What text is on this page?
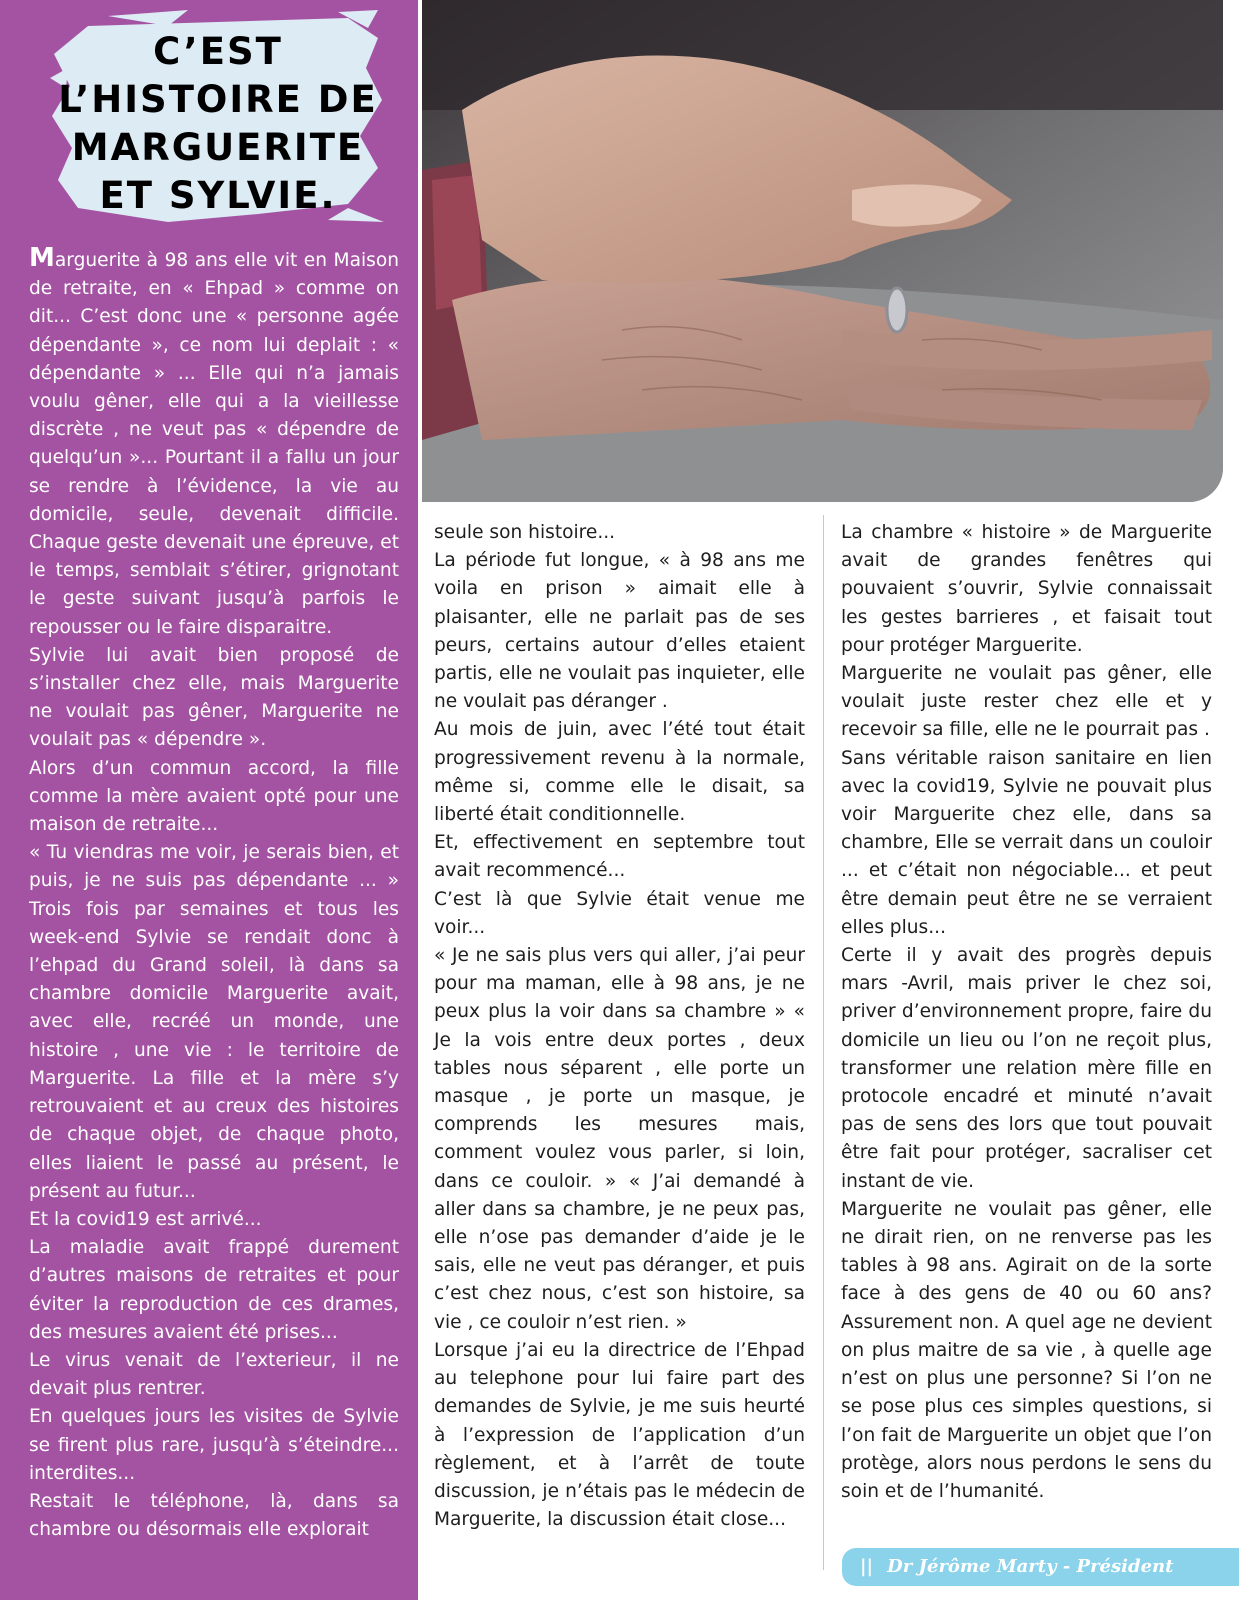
C’EST L’HISTOIRE DE MARGUERITE ET SYLVIE.

Marguerite à 98 ans elle vit en Maison de retraite, en « Ehpad » comme on dit... C’est donc une « personne agée dépendante », ce nom lui deplait : « dépendante » ... Elle qui n’a jamais voulu gêner, elle qui a la vieillesse discrète , ne veut pas « dépendre de quelqu’un »... Pourtant il a fallu un jour se rendre à l’évidence, la vie au domicile, seule, devenait difficile. Chaque geste devenait une épreuve, et le temps, semblait s’étirer, grignotant le geste suivant jusqu’à parfois le repousser ou le faire disparaitre.

Sylvie lui avait bien proposé de s’installer chez elle, mais Marguerite ne voulait pas gêner, Marguerite ne voulait pas « dépendre ».

Alors d’un commun accord, la fille comme la mère avaient opté pour une maison de retraite...

« Tu viendras me voir, je serais bien, et puis, je ne suis pas dépendante ... » Trois fois par semaines et tous les week-end Sylvie se rendait donc à l’ehpad du Grand soleil, là dans sa chambre domicile Marguerite avait, avec elle, recréé un monde, une histoire , une vie : le territoire de Marguerite. La fille et la mère s’y retrouvaient et au creux des histoires de chaque objet, de chaque photo, elles liaient le passé au présent, le présent au futur...

Et la covid19 est arrivé...

La maladie avait frappé durement d’autres maisons de retraites et pour éviter la reproduction de ces drames, des mesures avaient été prises...

Le virus venait de l’exterieur, il ne devait plus rentrer.

En quelques jours les visites de Sylvie se firent plus rare, jusqu’à s’éteindre... interdites...

Restait le téléphone, là, dans sa chambre ou désormais elle explorait

seule son histoire...

La période fut longue, « à 98 ans me voila en prison » aimait elle à plaisanter, elle ne parlait pas de ses peurs, certains autour d’elles etaient partis, elle ne voulait pas inquieter, elle ne voulait pas déranger .

Au mois de juin, avec l’été tout était progressivement revenu à la normale, même si, comme elle le disait, sa liberté était conditionnelle.

Et, effectivement en septembre tout avait recommencé...

C’est là que Sylvie était venue me voir...

« Je ne sais plus vers qui aller, j’ai peur pour ma maman, elle à 98 ans, je ne peux plus la voir dans sa chambre » « Je la vois entre deux portes , deux tables nous séparent , elle porte un masque , je porte un masque, je comprends les mesures mais, comment voulez vous parler, si loin, dans ce couloir. » « J’ai demandé à aller dans sa chambre, je ne peux pas, elle n’ose pas demander d’aide je le sais, elle ne veut pas déranger, et puis c’est chez nous, c’est son histoire, sa vie , ce couloir n’est rien. »

Lorsque j’ai eu la directrice de l’Ehpad au telephone pour lui faire part des demandes de Sylvie, je me suis heurté à l’expression de l’application d’un règlement, et à l’arrêt de toute discussion, je n’étais pas le médecin de Marguerite, la discussion était close...

La chambre « histoire » de Marguerite avait de grandes fenêtres qui pouvaient s’ouvrir, Sylvie connaissait les gestes barrieres , et faisait tout pour protéger Marguerite.

Marguerite ne voulait pas gêner, elle voulait juste rester chez elle et y recevoir sa fille, elle ne le pourrait pas .

Sans véritable raison sanitaire en lien avec la covid19, Sylvie ne pouvait plus voir Marguerite chez elle, dans sa chambre, Elle se verrait dans un couloir ... et c’était non négociable... et peut être demain peut être ne se verraient elles plus...

Certe il y avait des progrès depuis mars -Avril, mais priver le chez soi, priver d’environnement propre, faire du domicile un lieu ou l’on ne reçoit plus, transformer une relation mère fille en protocole encadré et minuté n’avait pas de sens des lors que tout pouvait être fait pour protéger, sacraliser cet instant de vie.

Marguerite ne voulait pas gêner, elle ne dirait rien, on ne renverse pas les tables à 98 ans. Agirait on de la sorte face à des gens de 40 ou 60 ans? Assurement non. A quel age ne devient on plus maitre de sa vie , à quelle age n’est on plus une personne? Si l’on ne se pose plus ces simples questions, si l’on fait de Marguerite un objet que l’on protège, alors nous perdons le sens du soin et de l’humanité.

|| Dr Jérôme Marty - Président UFMLS
